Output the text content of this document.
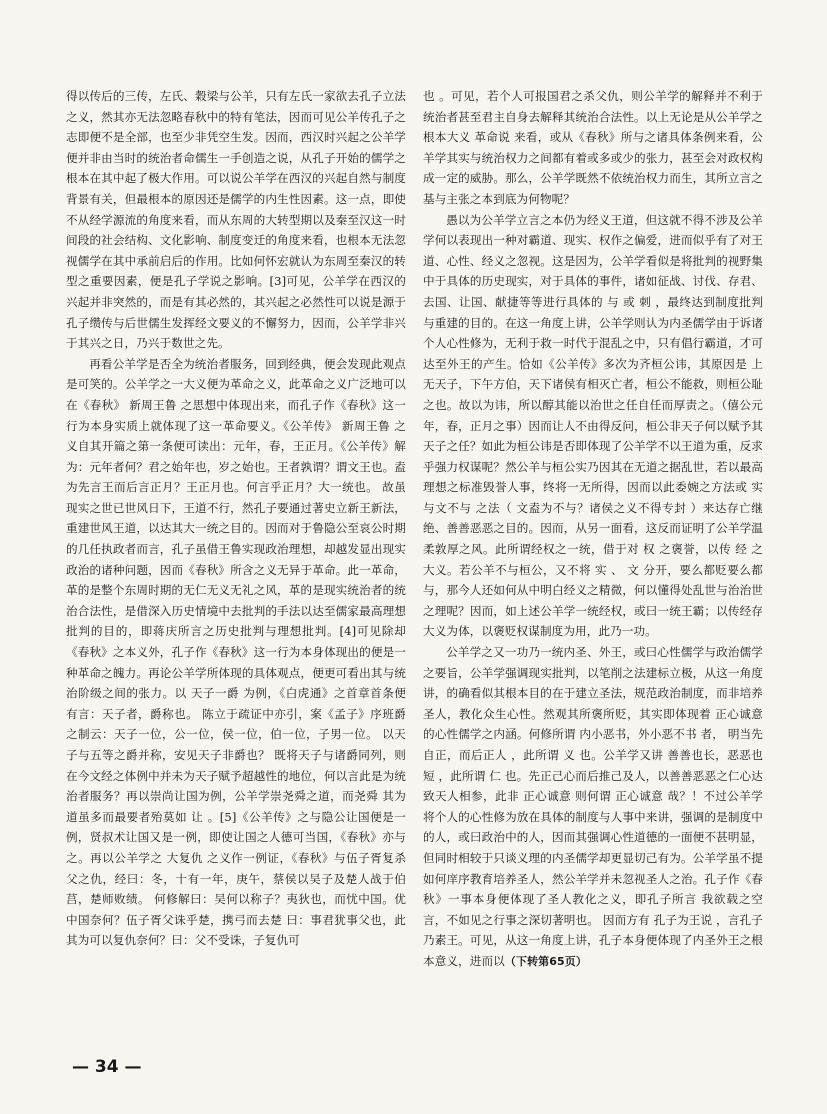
得以传后的三传，左氏、穀梁与公羊，只有左氏一家欲去孔子立法之义，然其亦无法忽略春秋中的特有笔法，因而可见公羊传孔子之志即便不是全部，也至少非凭空生发。因而，西汉时兴起之公羊学便并非由当时的统治者命儒生一手创造之说，从孔子开始的儒学之根本在其中起了极大作用。可以说公羊学在西汉的兴起自然与制度背景有关，但最根本的原因还是儒学的内生性因素。这一点，即使不从经学源流的角度来看，而从东周的大转型期以及秦至汉这一时间段的社会结构、文化影响、制度变迁的角度来看，也根本无法忽视儒学在其中承前启后的作用。比如何怀宏就认为东周至秦汉的转型之重要因素，便是孔子学说之影响。[3]可见，公羊学在西汉的兴起并非突然的，而是有其必然的，其兴起之必然性可以说是源于孔子缵传与后世儒生发挥经文要义的不懈努力，因而，公羊学非兴于其兴之日，乃兴于数世之先。

再看公羊学是否全为统治者服务，回到经典，便会发现此观点是可笑的。公羊学之一大义便为革命之义，此革命之义广泛地可以在《春秋》 新周王鲁 之思想中体现出来，而孔子作《春秋》这一行为本身实质上就体现了这一革命要义。《公羊传》 新周王鲁 之义自其开篇之第一条便可读出：元年，春，王正月。《公羊传》解为：元年者何？君之始年也，岁之始也。王者孰谓？谓文王也。盍为先言王而后言正月？王正月也。何言乎正月？大一统也。 故虽现实之世已世风日下，王道不行，然孔子要通过著史立新王新法，重建世风王道，以达其大一统之目的。因而对于鲁隐公至哀公时期的几任执政者而言，孔子虽借王鲁实现政治理想，却越发显出现实政治的诸种问题，因而《春秋》所含之义无异于革命。此一革命，革的是整个东周时期的无仁无义无礼之风，革的是现实统治者的统治合法性，是借深入历史情境中去批判的手法以达至儒家最高理想批判的目的，即蒋庆所言之历史批判与理想批判。[4]可见除却《春秋》之本义外，孔子作《春秋》这一行为本身体现出的便是一种革命之魄力。再论公羊学所体现的具体观点，便更可看出其与统治阶级之间的张力。以 天子一爵 为例，《白虎通》之首章首条便有言：天子者，爵称也。 陈立于疏证中亦引，案《孟子》序班爵之制云：天子一位，公一位，侯一位，伯一位，子男一位。 以天子与五等之爵并称，安见天子非爵也？ 既将天子与诸爵同列，则在今文经之体例中并未为天子赋予超越性的地位，何以言此是为统治者服务？再以崇尚让国为例，公羊学崇尧舜之道，而尧舜 其为道虽多而最要者殆莫如 让 。[5]《公羊传》之与隐公让国便是一例，贤叔术让国又是一例，即使让国之人德可当国，《春秋》亦与之。再以公羊学之 大复仇 之义作一例证，《春秋》与伍子胥复杀父之仇，经曰：冬，十有一年，庚午，蔡侯以吴子及楚人战于伯莒，楚师败绩。 何修解曰：吴何以称子？夷狄也，而忧中国。优中国奈何？伍子胥父诛乎楚，携弓而去楚 曰：事君犹事父也，此其为可以复仇奈何？曰：父不受诛，子复仇可

也 。可见，若个人可报国君之杀父仇，则公羊学的解释并不利于统治者甚至君主自身去解释其统治合法性。以上无论是从公羊学之根本大义 革命说 来看，或从《春秋》所与之诸具体条例来看，公羊学其实与统治权力之间都有着或多或少的张力，甚至会对政权构成一定的威胁。那么，公羊学既然不依统治权力而生，其所立言之基与主张之本到底为何物呢？

愚以为公羊学立言之本仍为经义王道，但这就不得不涉及公羊学何以表现出一种对霸道、现实、权作之偏爱，进而似乎有了对王道、心性、经义之忽视。这是因为，公羊学看似是将批判的视野集中于具体的历史现实，对于具体的事件，诸如征战、讨伐、存君、去国、让国、献捷等等进行具体的 与 或 刺 ，最终达到制度批判与重建的目的。在这一角度上讲，公羊学则认为内圣儒学由于诉诸个人心性修为，无利于救一时代于混乱之中，只有倡行霸道，才可达至外王的产生。恰如《公羊传》多次为齐桓公讳，其原因是 上无天子，下午方伯，天下诸侯有相灭亡者，桓公不能救，则桓公耻之也。故以为讳，所以醇其能以治世之任自任而厚责之。（僖公元年，春，正月之事）因而让人不由得反问，桓公非天子何以赋予其天子之任？如此为桓公讳是否即体现了公羊学不以王道为重，反求乎强力权谋呢？然公羊与桓公实乃因其在无道之据乱世，若以最高理想之标准毁誉人事，终将一无所得，因而以此委婉之方法或 实与文不与 之法（ 文盍为不与？诸侯之义不得专封 ）来达存亡继绝、善善恶恶之目的。因而，从另一面看，这反而证明了公羊学温柔敦厚之风。此所谓经权之一统，借于对 权 之褒誉，以传 经 之大义。若公羊不与桓公，又不将 实 、 文 分开，要么都贬要么都与，那今人还如何从中明白经义之精微，何以懂得处乱世与治治世之理呢？因而，如上述公羊学一统经权，或曰一统王霸；以传经存大义为体，以褒贬权谋制度为用，此乃一功。

公羊学之又一功乃一统内圣、外王，或曰心性儒学与政治儒学之要旨，公羊学强调现实批判，以笔削之法建标立极，从这一角度讲，的确看似其根本目的在于建立圣法，规范政治制度，而非培养圣人，教化众生心性。然观其所褒所贬，其实即体现着 正心诚意 的心性儒学之内涵。何修所谓 内小恶书，外小恶不书 者， 明当先自正，而后正人 ，此所谓 义 也。公羊学又讲 善善也长，恶恶也短 ，此所谓 仁 也。先正己心而后推己及人，以善善恶恶之仁心达致天人相参，此非 正心诚意 则何谓 正心诚意 哉？！不过公羊学将个人的心性修为放在具体的制度与人事中来讲，强调的是制度中的人，或曰政治中的人，因而其强调心性道德的一面便不甚明显，但同时相较于只谈义理的内圣儒学却更显切己有为。公羊学虽不提如何庠序教育培养圣人，然公羊学并未忽视圣人之治。孔子作《春秋》一事本身便体现了圣人教化之义，即孔子所言 我欲载之空言，不如见之行事之深切著明也。 因而方有 孔子为王说 ，言孔子乃素王。可见，从这一角度上讲，孔子本身便体现了内圣外王之根本意义，进而以（下转第65页）

— 34 —
